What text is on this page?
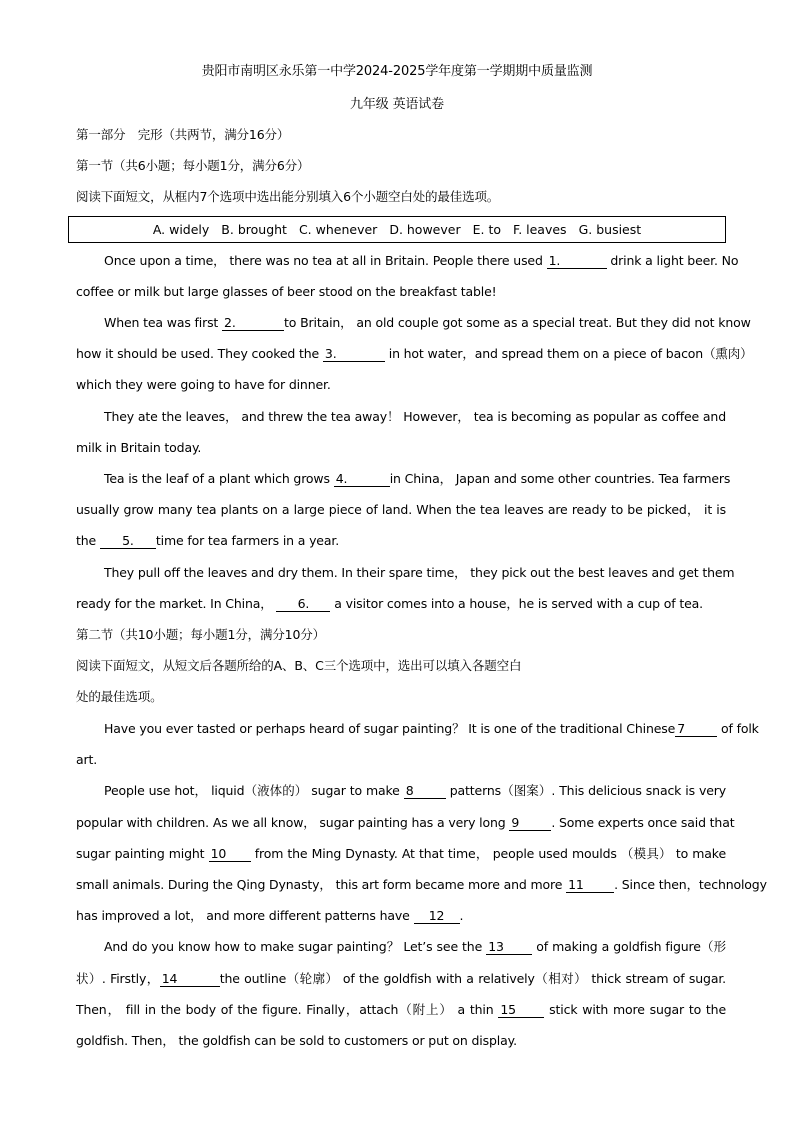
贵阳市南明区永乐第一中学2024-2025学年度第一学期期中质量监测
九年级 英语试卷
第一部分　完形（共两节，满分16分）
第一节（共6小题；每小题1分，满分6分）
阅读下面短文，从框内7个选项中选出能分别填入6个小题空白处的最佳选项。
A. widely B. brought C. whenever D. however E. to F. leaves G. busiest
Once upon a time， there was no tea at all in Britain. People there used 1.	drink a light beer. No
coffee or milk but large glasses of beer stood on the breakfast table!
When tea was first 2.	to Britain， an old couple got some as a special treat. But they did not know
how it should be used. They cooked the 3.	in hot water，and spread them on a piece of bacon（熏肉）
which they were going to have for dinner.
They ate the leaves， and threw the tea away！ However， tea is becoming as popular as coffee and
milk in Britain today.
Tea is the leaf of a plant which grows 4.	in China， Japan and some other countries. Tea farmers
usually grow many tea plants on a large piece of land. When the tea leaves are ready to be picked， it is
the 5. time for tea farmers in a year.
They pull off the leaves and dry them. In their spare time， they pick out the best leaves and get them
ready for the market. In China， 6. a visitor comes into a house，he is served with a cup of tea.
第二节（共10小题；每小题1分，满分10分）
阅读下面短文，从短文后各题所给的A、B、C三个选项中，选出可以填入各题空白
处的最佳选项。
Have you ever tasted or perhaps heard of sugar painting？ It is one of the traditional Chinese 7	of folk
art.
People use hot， liquid（液体的） sugar to make 8	patterns（图案）. This delicious snack is very
popular with children. As we all know， sugar painting has a very long 9	. Some experts once said that
sugar painting might 10 from the Ming Dynasty. At that time， people used moulds （模具） to make
small animals. During the Qing Dynasty， this art form became more and more 11 . Since then，technology
has improved a lot， and more different patterns have 12 .
And do you know how to make sugar painting？ Let’s see the 13 of making a goldfish figure（形
状）. Firstly， 14	the outline（轮廓） of the goldfish with a relatively（相对） thick stream of sugar.
Then， fill in the body of the figure. Finally，attach（附上） a thin 15 stick with more sugar to the
goldfish. Then， the goldfish can be sold to customers or put on display.
